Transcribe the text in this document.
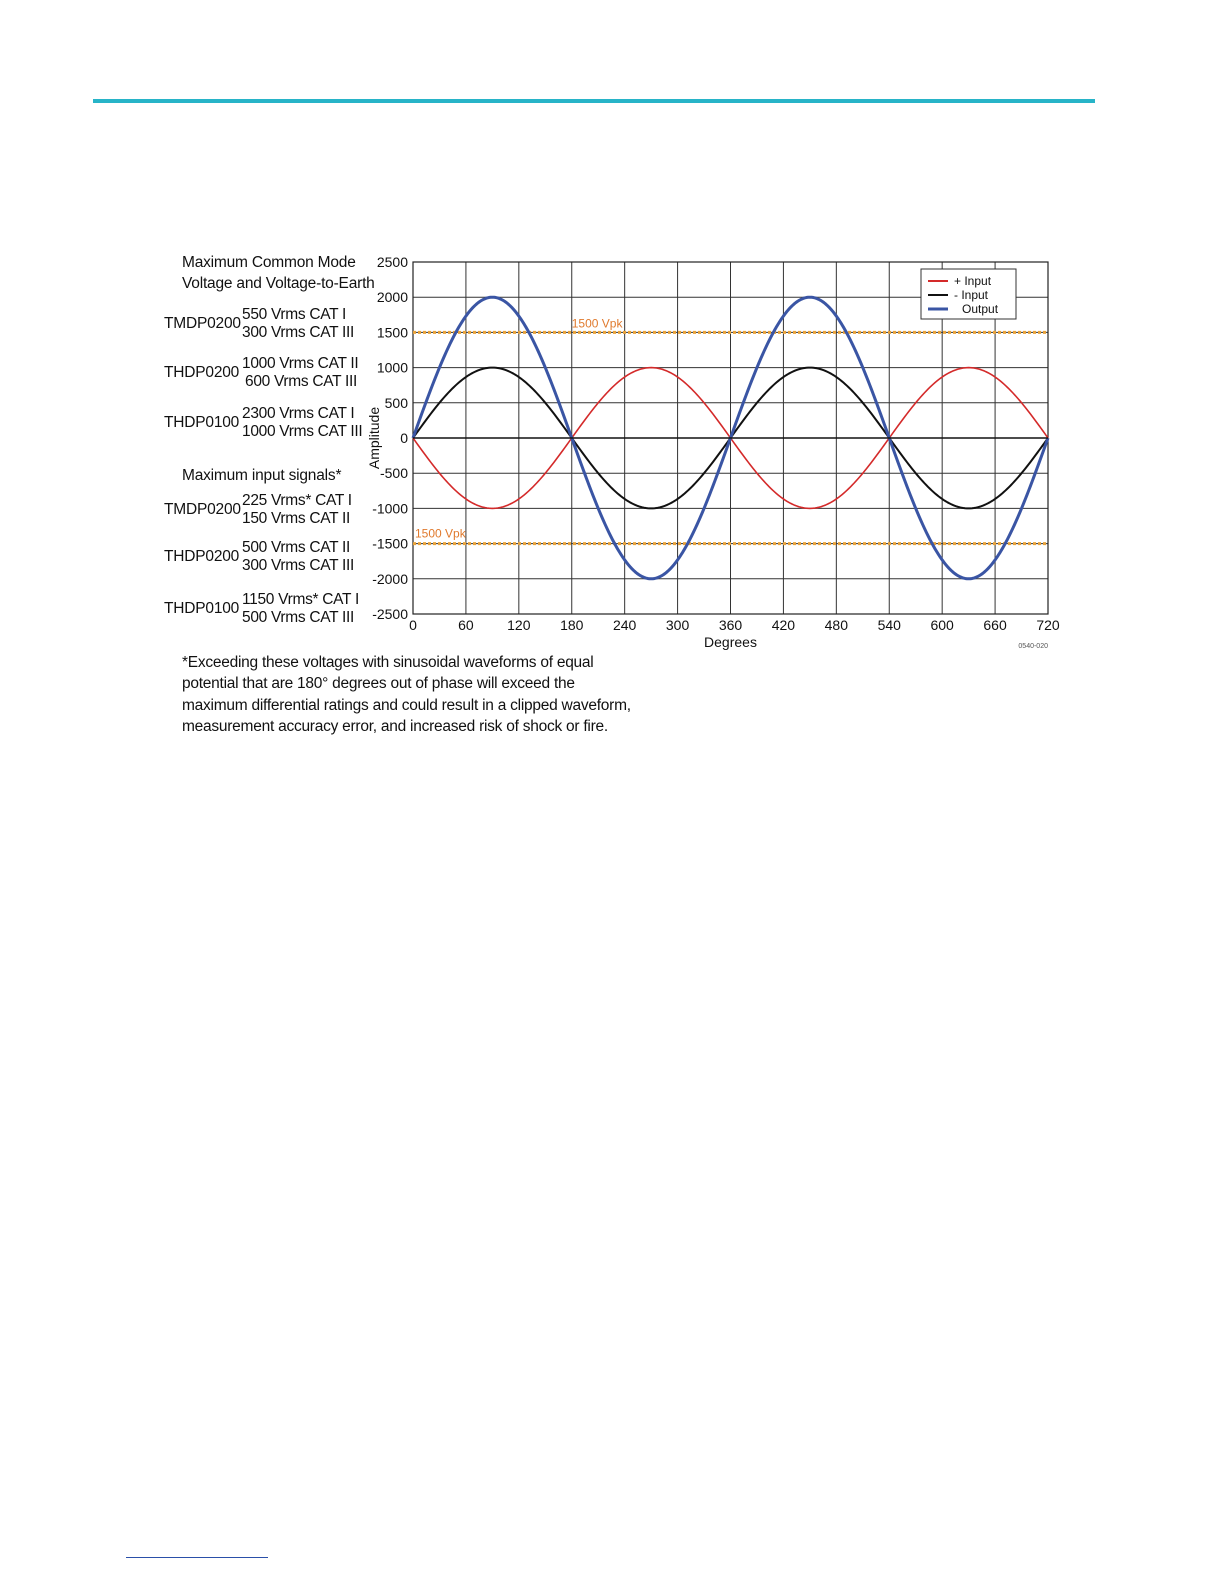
Maximum Common Mode
Voltage and Voltage-to-Earth
TMDP0200
550 Vrms CAT I
300 Vrms CAT III
THDP0200
1000 Vrms CAT II
600 Vrms CAT III
THDP0100
2300 Vrms CAT I
1000 Vrms CAT III
Maximum input signals*
TMDP0200
225 Vrms* CAT I
150 Vrms CAT II
THDP0200
500 Vrms CAT II
300 Vrms CAT III
THDP0100
1150 Vrms* CAT I
500 Vrms CAT III	0	60 120 180 240 300 360 420 480 540 600 660 720
2500
2000
1500
1000
500
0
-500
-1000
-1500
-2000
-2500
Degrees
Amplitude
0540-020
1500 Vpk
1500 Vpk
+ Input
- Input
Output
*Exceeding these voltages with sinusoidal waveforms of equal
potential that are 180° degrees out of phase will exceed the
maximum differential ratings and could result in a clipped waveform,
measurement accuracy error, and increased risk of shock or fire.
